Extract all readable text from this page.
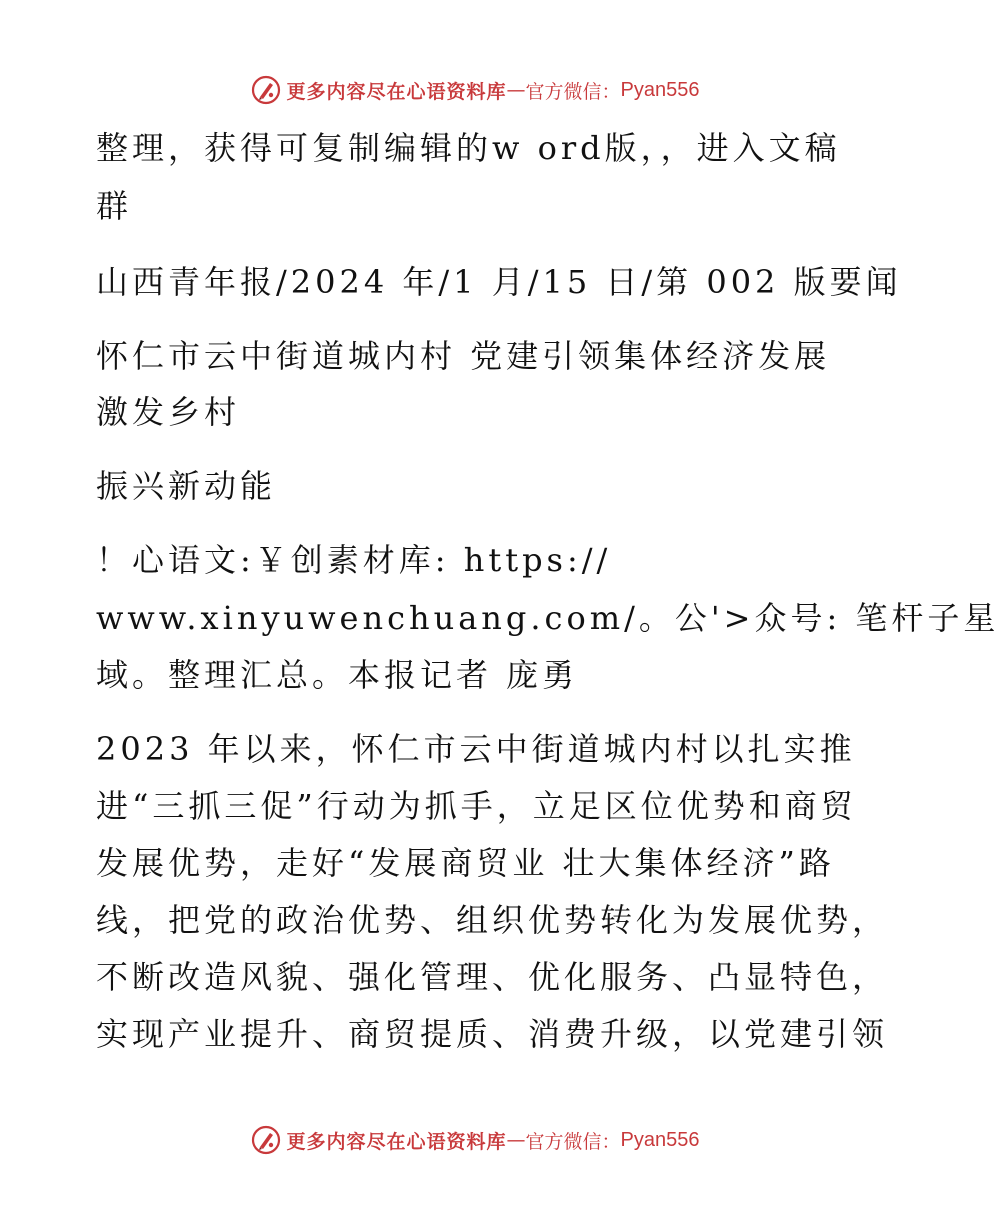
更多内容尽在心语资料库 — 官方微信： Pyan556
整理，获得可复制编辑的w ord版，，进入文稿
群
山西青年报/2024 年/1 月/15 日/第 002 版要闻
怀仁市云中街道城内村 党建引领集体经济发展
激发乡村
振兴新动能
！心语文:￥创素材库: https://
www.xinyuwenchuang.com/。公'>众号: 笔杆子星
域。整理汇总。本报记者 庞勇
2023 年以来，怀仁市云中街道城内村以扎实推
进“三抓三促”行动为抓手，立足区位优势和商贸
发展优势，走好“发展商贸业 壮大集体经济”路
线，把党的政治优势、组织优势转化为发展优势，
不断改造风貌、强化管理、优化服务、凸显特色，
实现产业提升、商贸提质、消费升级，以党建引领
更多内容尽在心语资料库 — 官方微信： Pyan556
